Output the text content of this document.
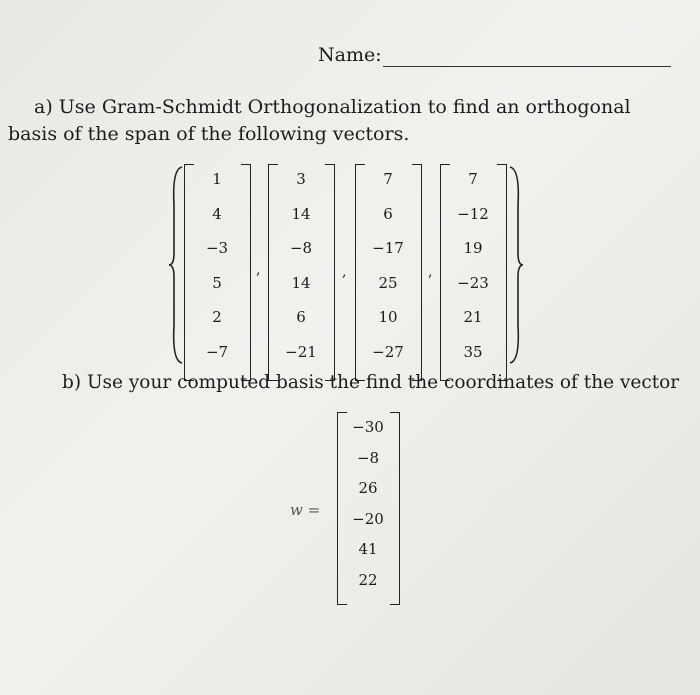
Name:
a) Use Gram-Schmidt Orthogonalization to find an orthogonal basis of the span of the following vectors.
1
4
−3
5
2
−7
3
14
−8
14
6
−21
7
6
−17
25
10
−27
7
−12
19
−23
21
35
,	,	,
b) Use your computed basis the find the coordinates of the vector
w =
−30
−8
26
−20
41
22
